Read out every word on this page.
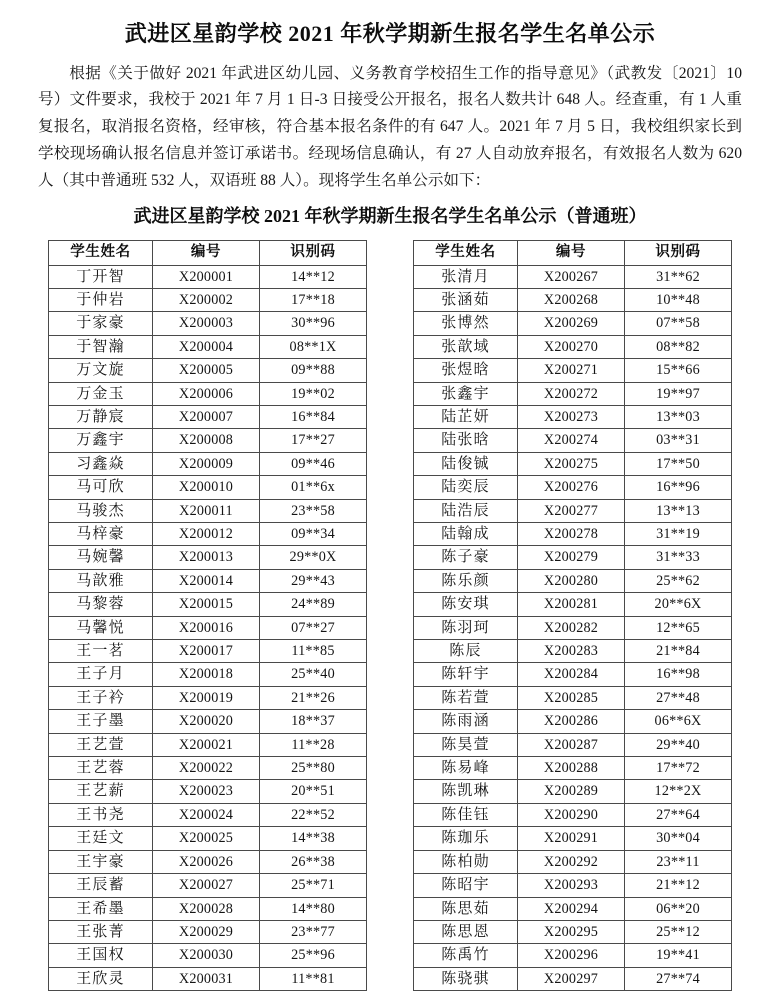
武进区星韵学校 2021 年秋学期新生报名学生名单公示

根据《关于做好 2021 年武进区幼儿园、义务教育学校招生工作的指导意见》（武教发〔2021〕10 号）文件要求，我校于 2021 年 7 月 1 日-3 日接受公开报名，报名人数共计 648 人。经查重，有 1 人重复报名，取消报名资格，经审核，符合基本报名条件的有 647 人。2021 年 7 月 5 日，我校组织家长到学校现场确认报名信息并签订承诺书。经现场信息确认，有 27 人自动放弃报名，有效报名人数为 620 人（其中普通班 532 人，双语班 88 人）。现将学生名单公示如下：

武进区星韵学校 2021 年秋学期新生报名学生名单公示（普通班）
学生姓名	编号	识别码
丁开智	X200001	14**12
于仲岩	X200002	17**18
于家豪	X200003	30**96
于智瀚	X200004	08**1X
万文旋	X200005	09**88
万金玉	X200006	19**02
万静宸	X200007	16**84
万鑫宇	X200008	17**27
习鑫焱	X200009	09**46
马可欣	X200010	01**6x
马骏杰	X200011	23**58
马梓豪	X200012	09**34
马婉馨	X200013	29**0X
马歆雅	X200014	29**43
马黎蓉	X200015	24**89
马馨悦	X200016	07**27
王一茗	X200017	11**85
王子月	X200018	25**40
王子衿	X200019	21**26
王子墨	X200020	18**37
王艺萱	X200021	11**28
王艺蓉	X200022	25**80
王艺薪	X200023	20**51
王书尧	X200024	22**52
王廷文	X200025	14**38
王宇豪	X200026	26**38
王辰蓄	X200027	25**71
王希墨	X200028	14**80
王张菁	X200029	23**77
王国权	X200030	25**96
王欣灵	X200031	11**81
学生姓名	编号	识别码
张清月	X200267	31**62
张涵茹	X200268	10**48
张博然	X200269	07**58
张歆域	X200270	08**82
张煜晗	X200271	15**66
张鑫宇	X200272	19**97
陆芷妍	X200273	13**03
陆张晗	X200274	03**31
陆俊铖	X200275	17**50
陆奕辰	X200276	16**96
陆浩辰	X200277	13**13
陆翰成	X200278	31**19
陈子豪	X200279	31**33
陈乐颜	X200280	25**62
陈安琪	X200281	20**6X
陈羽珂	X200282	12**65
陈辰	X200283	21**84
陈轩宇	X200284	16**98
陈若萱	X200285	27**48
陈雨涵	X200286	06**6X
陈昊萱	X200287	29**40
陈易峰	X200288	17**72
陈凯琳	X200289	12**2X
陈佳钰	X200290	27**64
陈珈乐	X200291	30**04
陈柏勋	X200292	23**11
陈昭宇	X200293	21**12
陈思茹	X200294	06**20
陈思恩	X200295	25**12
陈禹竹	X200296	19**41
陈骁骐	X200297	27**74
